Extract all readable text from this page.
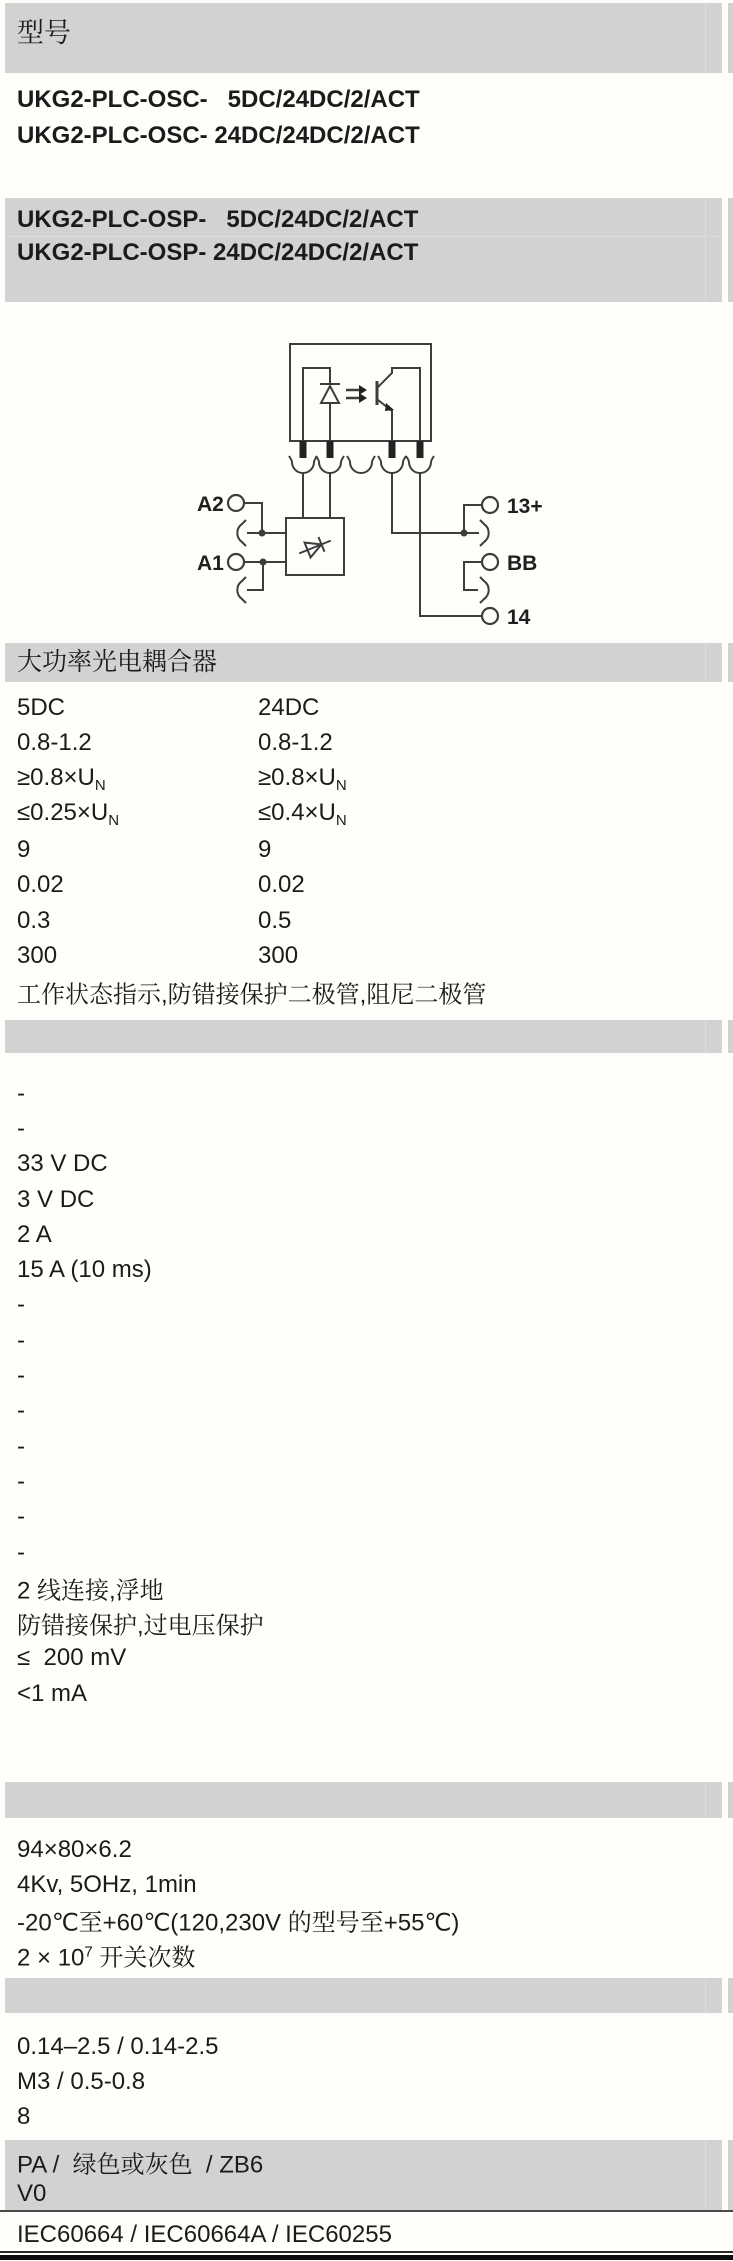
型号
UKG2-PLC-OSC-   5DC/24DC/2/ACT
UKG2-PLC-OSC- 24DC/24DC/2/ACT
UKG2-PLC-OSP-   5DC/24DC/2/ACT
UKG2-PLC-OSP- 24DC/24DC/2/ACT
A2
A1
13+
BB
14
大功率光电耦合器
5DC	24DC
0.8-1.2	0.8-1.2
$\ge 0.8\times U_N$	$\ge 0.8\times U_N$
$\le 0.25\times U_N$	$\le 0.4\times U_N$
9	9
0.02	0.02
0.3	0.5
300	300
工作状态指示,防错接保护二极管,阻尼二极管
-
-
33 V DC
3 V DC
2 A
15 A (10 ms)
-
-
-
-
-
-
-
-
2 线连接,浮地
防错接保护,过电压保护
≤  200 mV
<1 mA
94×80×6.2
4Kv, 5OHz, 1min
-20℃至+60℃(120,230V 的型号至+55℃)
$2 \times 10^7$ 开关次数
0.14–2.5 / 0.14-2.5
M3 / 0.5-0.8
8
PA /  绿色或灰色  / ZB6
V0
IEC60664 / IEC60664A / IEC60255
